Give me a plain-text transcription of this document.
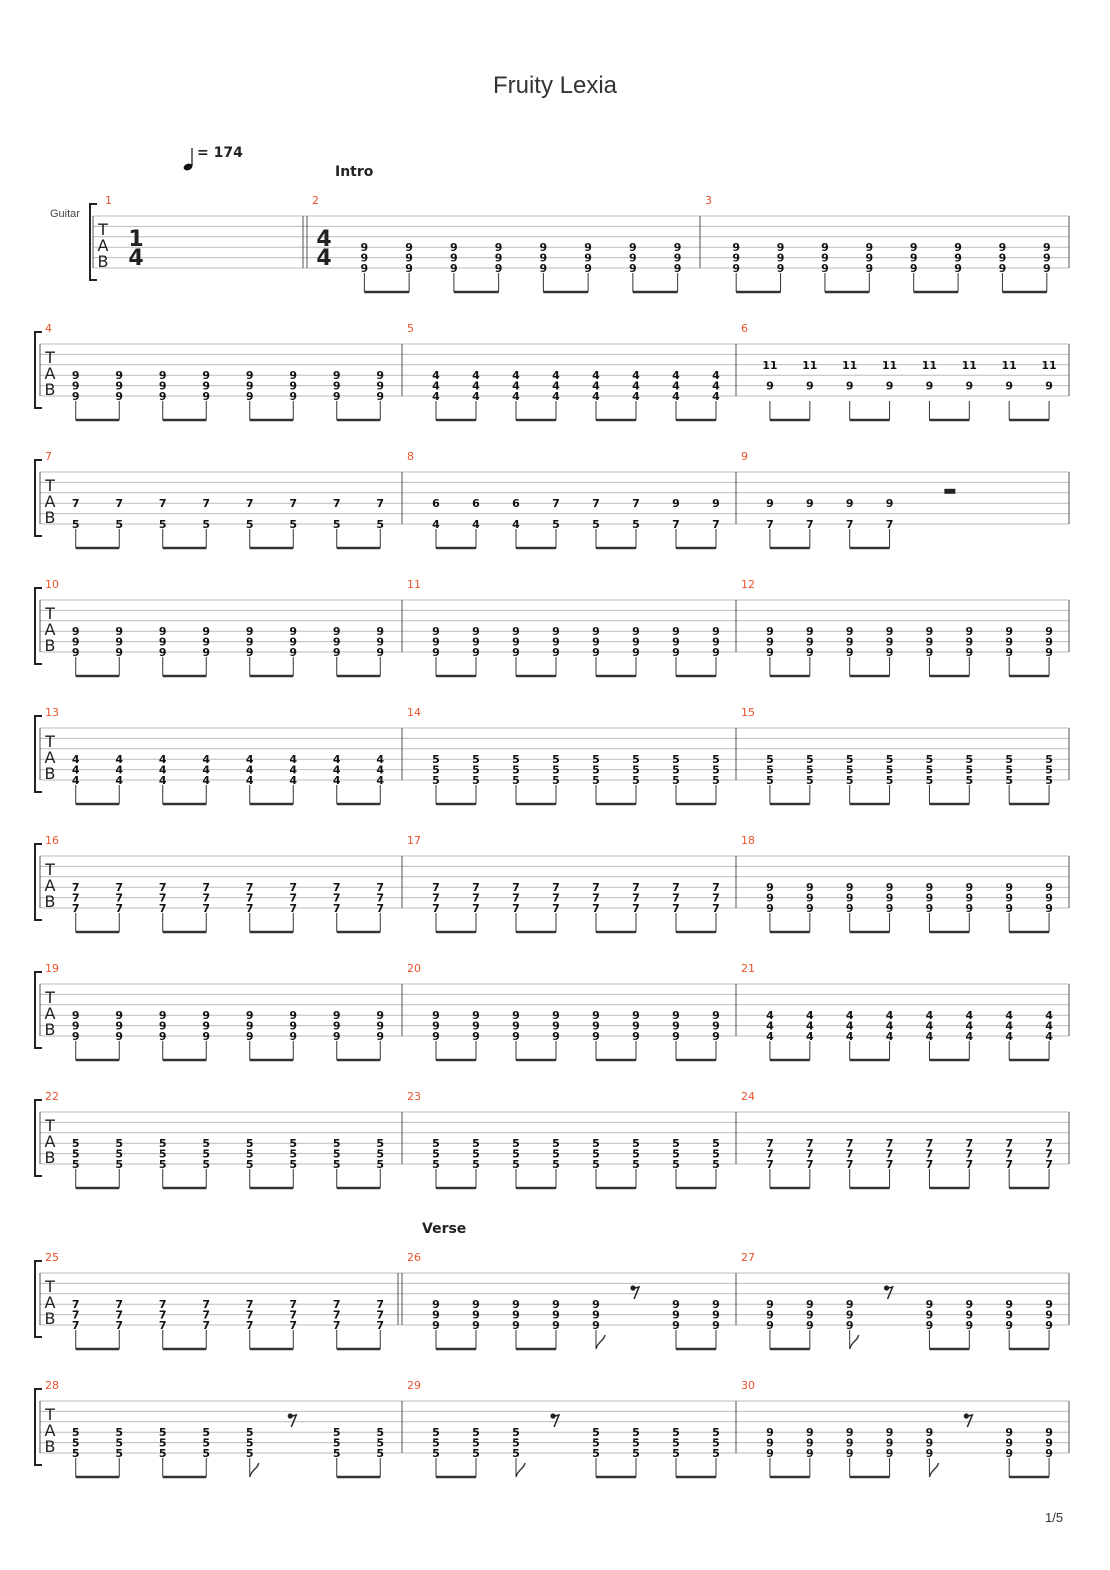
Fruity Lexia
= 174
Guitar
1/5
T
A
B
1
1
4
2
Intro
4
4	9
9
9
9
9
9
9
9
9
9
9
9
9
9
9
9
9
9
9
9
9
9
9
9
3
9
9
9
9
9
9
9
9
9
9
9
9
9
9
9
9
9
9
9
9
9
9
9
9
T
A
B
4
9
9
9
9
9
9
9
9
9
9
9
9
9
9
9
9
9
9
9
9
9
9
9
9
5
4
4
4
4
4
4
4
4
4
4
4
4
4
4
4
4
4
4
4
4
4
4
4
4
6
11
9
11
9
11
9
11
9
11
9
11
9
11
9
11
9
T
A
B
7
7
5
7
5
7
5
7
5
7
5
7
5
7
5
7
5
8
6
4
6
4
6
4
7
5
7
5
7
5
9
7
9
7
9
9
7
9
7
9
7
9
7
T
A
B
10
9
9
9
9
9
9
9
9
9
9
9
9
9
9
9
9
9
9
9
9
9
9
9
9
11
9
9
9
9
9
9
9
9
9
9
9
9
9
9
9
9
9
9
9
9
9
9
9
9
12
9
9
9
9
9
9
9
9
9
9
9
9
9
9
9
9
9
9
9
9
9
9
9
9
T
A
B
13
4
4
4
4
4
4
4
4
4
4
4
4
4
4
4
4
4
4
4
4
4
4
4
4
14
5
5
5
5
5
5
5
5
5
5
5
5
5
5
5
5
5
5
5
5
5
5
5
5
15
5
5
5
5
5
5
5
5
5
5
5
5
5
5
5
5
5
5
5
5
5
5
5
5
T
A
B
16
7
7
7
7
7
7
7
7
7
7
7
7
7
7
7
7
7
7
7
7
7
7
7
7
17
7
7
7
7
7
7
7
7
7
7
7
7
7
7
7
7
7
7
7
7
7
7
7
7
18
9
9
9
9
9
9
9
9
9
9
9
9
9
9
9
9
9
9
9
9
9
9
9
9
T
A
B
19
9
9
9
9
9
9
9
9
9
9
9
9
9
9
9
9
9
9
9
9
9
9
9
9
20
9
9
9
9
9
9
9
9
9
9
9
9
9
9
9
9
9
9
9
9
9
9
9
9
21
4
4
4
4
4
4
4
4
4
4
4
4
4
4
4
4
4
4
4
4
4
4
4
4
T
A
B
22
5
5
5
5
5
5
5
5
5
5
5
5
5
5
5
5
5
5
5
5
5
5
5
5
23
5
5
5
5
5
5
5
5
5
5
5
5
5
5
5
5
5
5
5
5
5
5
5
5
24
7
7
7
7
7
7
7
7
7
7
7
7
7
7
7
7
7
7
7
7
7
7
7
7
T
A
B
25
7
7
7
7
7
7
7
7
7
7
7
7
7
7
7
7
7
7
7
7
7
7
7
7
26
Verse
9
9
9
9
9
9
9
9
9
9
9
9
9
9
9
9
9
9
9
9
9
27
9
9
9
9
9
9
9
9
9
9
9
9
9
9
9
9
9
9
9
9
9
T
A
B
28
5
5
5
5
5
5
5
5
5
5
5
5
5
5
5
5
5
5
5
5
5
29
5
5
5
5
5
5
5
5
5
5
5
5
5
5
5
5
5
5
5
5
5
30
9
9
9
9
9
9
9
9
9
9
9
9
9
9
9
9
9
9
9
9
9
